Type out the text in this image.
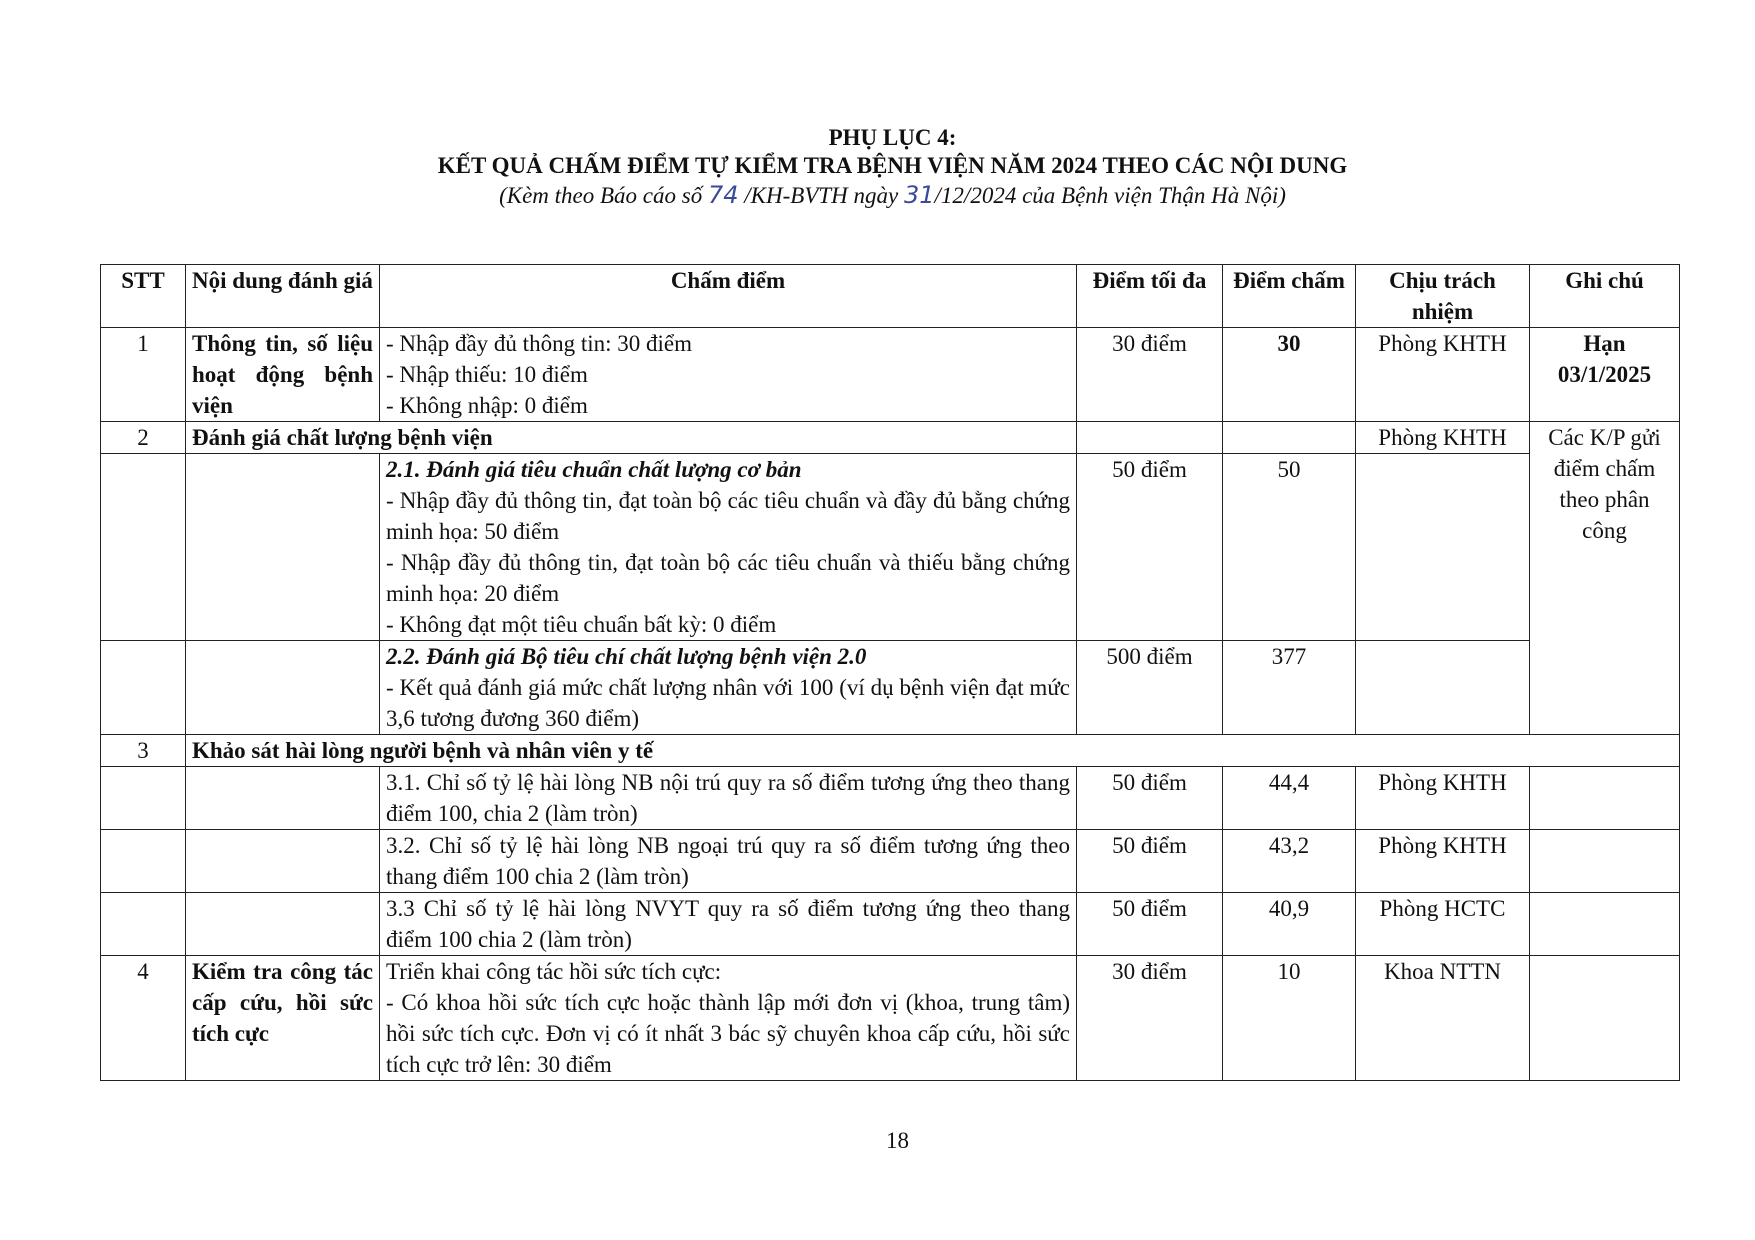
PHỤ LỤC 4:
KẾT QUẢ CHẤM ĐIỂM TỰ KIỂM TRA BỆNH VIỆN NĂM 2024 THEO CÁC NỘI DUNG
(Kèm theo Báo cáo số 74 /KH-BVTH ngày 31/12/2024 của Bệnh viện Thận Hà Nội)
STT	Nội dung đánh giá	Chấm điểm	Điểm tối đa	Điểm chấm	Chịu trách nhiệm	Ghi chú
1	Thông tin, số liệu hoạt động bệnh viện	- Nhập đầy đủ thông tin: 30 điểm
- Nhập thiếu: 10 điểm
- Không nhập: 0 điểm	30 điểm	30	Phòng KHTH	Hạn 03/1/2025
2	Đánh giá chất lượng bệnh viện				Phòng KHTH	Các K/P gửi điểm chấm theo phân công

		2.1. Đánh giá tiêu chuẩn chất lượng cơ bản
- Nhập đầy đủ thông tin, đạt toàn bộ các tiêu chuẩn và đầy đủ bằng chứng minh họa: 50 điểm
- Nhập đầy đủ thông tin, đạt toàn bộ các tiêu chuẩn và thiếu bằng chứng minh họa: 20 điểm
- Không đạt một tiêu chuẩn bất kỳ: 0 điểm	50 điểm	50		

		2.2. Đánh giá Bộ tiêu chí chất lượng bệnh viện 2.0
- Kết quả đánh giá mức chất lượng nhân với 100 (ví dụ bệnh viện đạt mức 3,6 tương đương 360 điểm)	500 điểm	377		
3	Khảo sát hài lòng người bệnh và nhân viên y tế					
		3.1. Chỉ số tỷ lệ hài lòng NB nội trú quy ra số điểm tương ứng theo thang điểm 100, chia 2 (làm tròn)	50 điểm	44,4	Phòng KHTH	
		3.2. Chỉ số tỷ lệ hài lòng NB ngoại trú quy ra số điểm tương ứng theo thang điểm 100 chia 2 (làm tròn)	50 điểm	43,2	Phòng KHTH	
		3.3 Chỉ số tỷ lệ hài lòng NVYT quy ra số điểm tương ứng theo thang điểm 100 chia 2 (làm tròn)	50 điểm	40,9	Phòng HCTC	
4	Kiểm tra công tác cấp cứu, hồi sức tích cực	Triển khai công tác hồi sức tích cực:
- Có khoa hồi sức tích cực hoặc thành lập mới đơn vị (khoa, trung tâm) hồi sức tích cực. Đơn vị có ít nhất 3 bác sỹ chuyên khoa cấp cứu, hồi sức tích cực trở lên: 30 điểm	30 điểm	10	Khoa NTTN	
18
